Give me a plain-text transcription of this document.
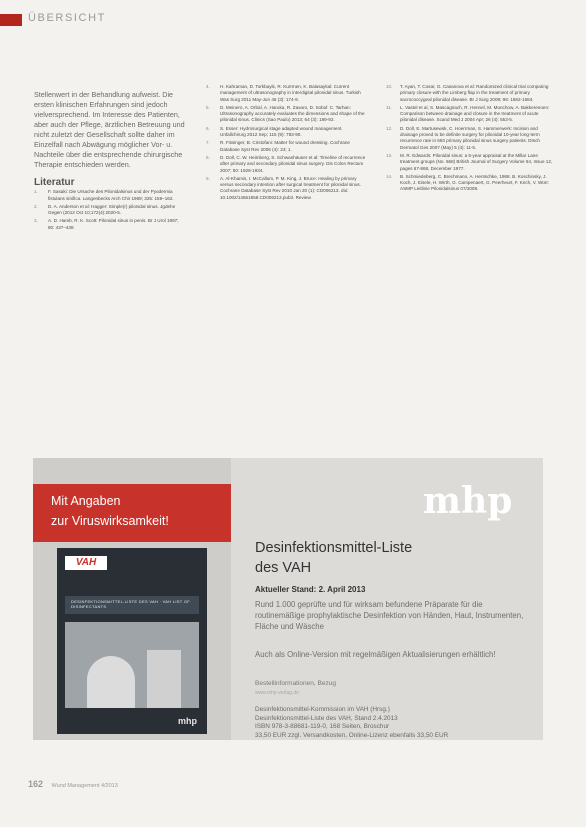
ÜBERSICHT

Stellenwert in der Behandlung aufweist. Die ersten klinischen Erfahrungen sind jedoch vielversprechend. Im Interesse des Patienten, aber auch der Pflege, ärztlichen Betreuung und nicht zuletzt der Gesellschaft sollte daher im Einzelfall nach Abwägung möglicher Vor- u. Nachteile über die entsprechende chirurgische Therapie entschieden werden.

Literatur
1. F. Sasaki: Die Ursache des Pilonidalsinus und der Pyodermia fistulans sinifica. Langenbecks Arch Chir 1969; 325: 159–162.
2. D. A. Anderson et al: Hagger: Simple(r) pilonidal sinus. Jgdehe Gegen (2012 Oct 10;172(4):2020-5.
3. A. D. Hamb, R. K. Scott: Pilonidal sinus in penis. Br J Urol 1997; 80: 437–438
4. H. Kahraman, D. Torkbayik, R. Kurrmen, K. Balasaykal: Current management of ultrasonography in interdigital pilonidal sinus. Turkish Was Surg 2011 May-Jun 46 (3): 174-9.
5. D. Meinero, A. Orbal, A. Haruka, R. Zavaro, D. Sobol: C. Tarhan: Ultrasonography accurately evaluates the dimensions and shape of the pilonidal sinus. Clinics (Sao Paulo) 2013; 64 (3): 189-92.
6. S. Esser: Hydrosurgical stage adapted wound management. Unfallchirurg 2012 Sep; 115 (9): 783-90.
7. R. Fissinger, B. Cristofani: Matter for wound dressing. Cochrane Database Syst Rev 2006 (4): 23; 1.
8. D. Doll, C. W. Heimberg, S. Schwanhäuser et al: Timeline of recurrence after primary and secondary pilonidal sinus surgery. Dis Colon Rectum 2007; 50: 1928-1934.
9. A. Al-Khamis, I. McCallum, P. M. King, J. Bruce: Healing by primary versus secondary intention after surgical treatment for pilonidal sinus. Cochrane Database Syst Rev 2010 Jan 20 (1): CD006213. doi: 10.1002/14651858.CD006213.pub3. Review.
10. T. Ayan, T. Cosar, G. Casanova et al: Randomized clinical trial comparing primary closure with the Limberg flap in the treatment of primary sacrococcygeal pilonidal disease. Br J Surg 2009; 96: 1682-1684.
11. L. Vastel et al, S. Mascagnach, R. Hennel, M. Munchow, A. Bakkerenoen: Comparison between drainage and closure in the treatment of acute pilonidal disease. Scand Med J 2004 Apr; 26 (4): 553-5.
12. D. Doll, E. Martusewsk, C. Hoerrman, S. Hammerwerk: Incision and drainage proved to be definite surgery for pilonidal 10-year long-term recurrence rate in 583 primary pilonidal sinus surgery patients. Dtsch Dermatol Ges 2007 (May) 5 (4): 11-5.
13. M. R. Edwards: Pilonidal sinus: a 5-year appraisal at the Millar Lane treatment groups (No. 668) British Journal of Surgery Volume 64, Issue 12, pages 67-868, December 1977.
14. B. Schmiedeberg, C. Brechmann, A. Hentschke, 1988. B. Koschinsky, J. Koch, J. Eisele, H. Wirth, G. Campenaert, G. Peerheurt, F. Kirch, V. Würr: ASMP Leitlinie Pilonidalsinus 07/2008.
Mit Angaben
zur Viruswirksamkeit!
VAH
DESINFEKTIONSMITTEL-LISTE DES VAH · VAH LIST OF DISINFECTANTS
mhp
mhp
Desinfektionsmittel-Liste
des VAH
Aktueller Stand: 2. April 2013
Rund 1.000 geprüfte und für wirksam befundene Präparate für die routinemäßige prophylaktische Desinfektion von Händen, Haut, Instrumenten, Fläche und Wäsche
Auch als Online-Version mit regelmäßigen Aktualisierungen erhältlich!
Bestellinformationen, Bezug
www.mhp-verlag.de
Desinfektionsmittel-Kommission im VAH (Hrsg.)
Desinfektionsmittel-Liste des VAH, Stand 2.4.2013
ISBN 978-3-88681-119-0, 168 Seiten, Broschur
33,50 EUR zzgl. Versandkosten, Online-Lizenz ebenfalls 33,50 EUR
162 Wund Management 4/2013
